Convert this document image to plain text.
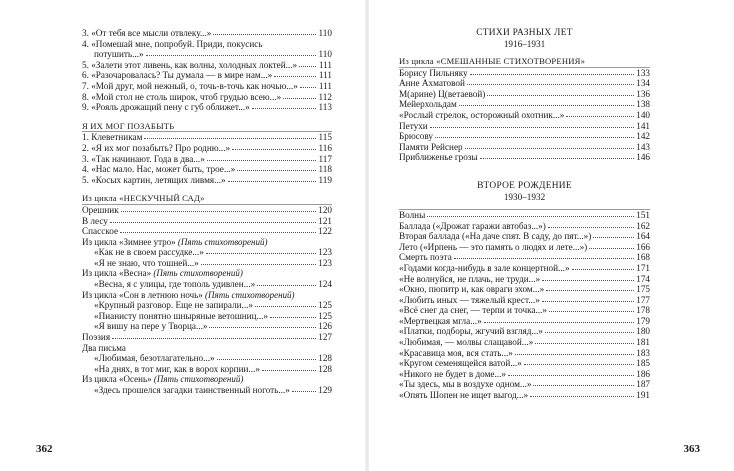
3. «От тебя все мысли отвлеку...»	110
4. «Помешай мне, попробуй. Приди, покусись
потушить...»	110
5. «Залети этот ливень, как волны, холодных локтей...» 111
6. «Разочаровалась? Ты думала — в мире нам...»	111
7. «Мой друг, мой нежный, о, точь-в-точь как ночью...» 111
8. «Мой стол не столь широк, чтоб грудью всею...»	112
9. «Рояль дрожащий пену с губ оближет...»	113
Я ИХ МОГ ПОЗАБЫТЬ
1. Клеветникам	115
2. «Я их мог позабыть? Про родню...»	116
3. «Так начинают. Года в два...»	117
4. «Нас мало. Нас, может быть, трое...»	118
5. «Косых картин, летящих ливмя...»	119
Из цикла «НЕСКУЧНЫЙ САД»
Орешник	120
В лесу	121
Спасское	122
Из цикла «Зимнее утро» (Пять стихотворений)
«Как не в своем рассудке...»	123
«Я не знаю, что тошней...»	123
Из цикла «Весна» (Пять стихотворений)
«Весна, я с улицы, где тополь удивлен...»	124
Из цикла «Сон в летнюю ночь» (Пять стихотворений)
«Крупный разговор. Еще не запирали...»	125
«Пианисту понятно шныряные ветошниц...»	125
«Я вишу на пере у Творца...»	126
Поэзия	127
Два письма
«Любимая, безотлагательно...»	128
«На днях, в тот миг, как в ворох корпии...»	128
Из цикла «Осень» (Пять стихотворений)
«Здесь прошелся загадки таинственный ноготь...»	129
362
СТИХИ РАЗНЫХ ЛЕТ
1916–1931
Из цикла «СМЕШАННЫЕ СТИХОТВОРЕНИЯ»
Борису Пильняку	133
Анне Ахматовой	134
М(арине) Ц(ветаевой)	136
Мейерхольдам	138
«Рослый стрелок, осторожный охотник...»	140
Петухи	141
Брюсову	142
Памяти Рейснер	143
Приближенье грозы	146
ВТОРОЕ РОЖДЕНИЕ
1930–1932
Волны	151
Баллада («Дрожат гаражи автобаз...»)	162
Вторая баллада («На даче спят. В саду, до пят...»)	164
Лето («Ирпень — это память о людях и лете...»)	166
Смерть поэта	168
«Годами когда-нибудь в зале концертной...»	171
«Не волнуйся, не плачь, не труди...»	174
«Окно, пюпитр и, как овраги эхом...»	175
«Любить иных — тяжелый крест...»	177
«Всё снег да снег, — терпи и точка...»	178
«Мертвецкая мгла...»	179
«Платки, подборы, жгучий взгляд...»	180
«Любимая, — молвы слащавой...»	181
«Красавица моя, вся стать...»	183
«Кругом семенящейся ватой...»	185
«Никого не будет в доме...»	186
«Ты здесь, мы в воздухе одном...»	187
«Опять Шопен не ищет выгод...»	191
363
